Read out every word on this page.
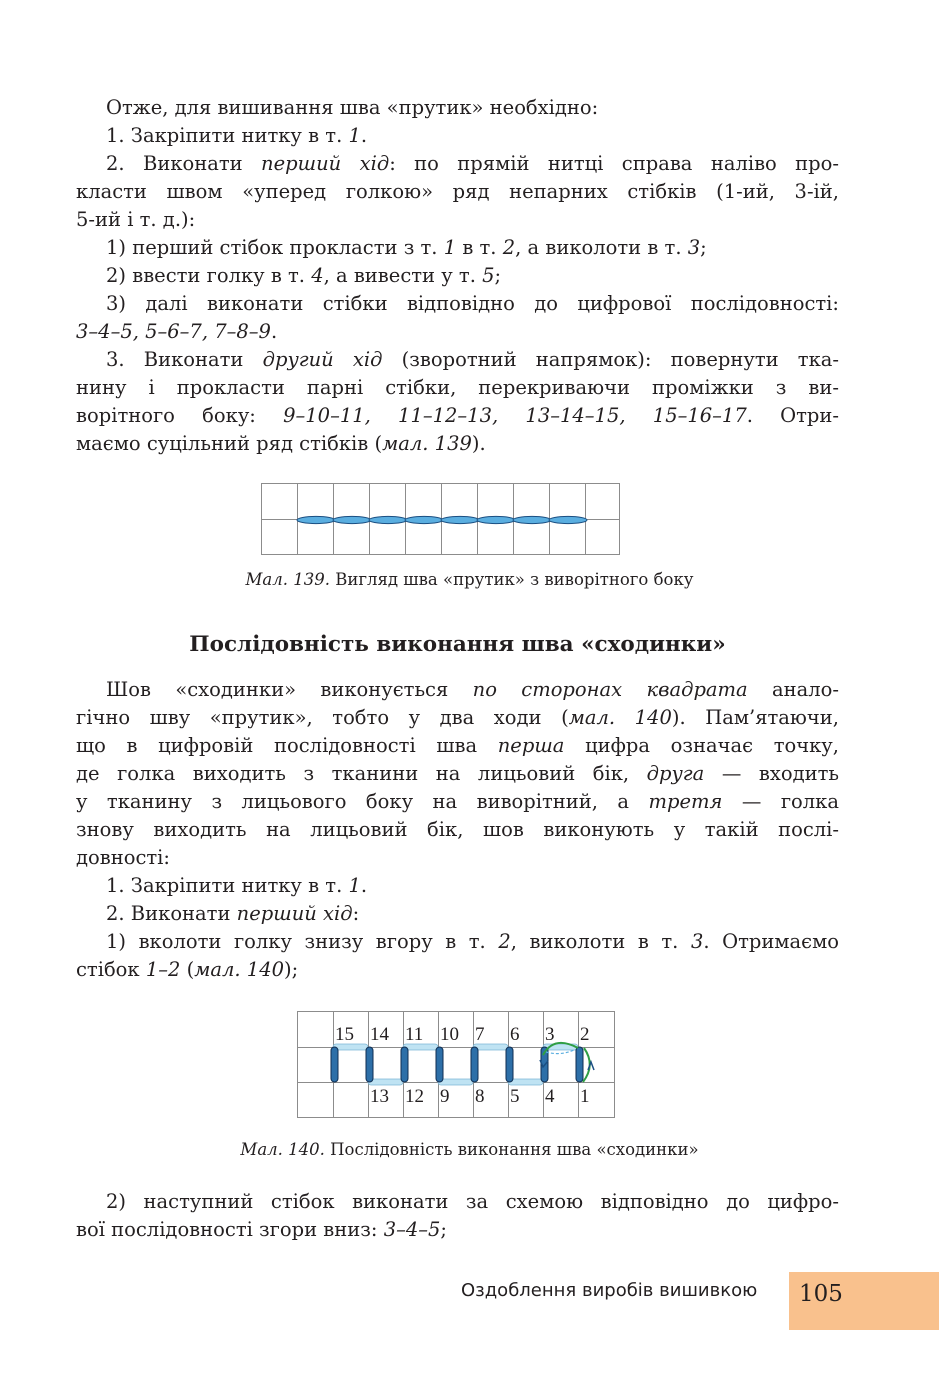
Отже, для вишивання шва «прутик» необхідно:

1. Закріпити нитку в т. 1.

2. Виконати перший хід: по прямій нитці справа наліво про-

класти швом «уперед голкою» ряд непарних стібків (1-ий, 3-ій,

5-ий і т. д.):

1) перший стібок прокласти з т. 1 в т. 2, а виколоти в т. 3;

2) ввести голку в т. 4, а вивести у т. 5;

3) далі виконати стібки відповідно до цифрової послідовності:

3–4–5, 5–6–7, 7–8–9.

3. Виконати другий хід (зворотний напрямок): повернути тка-

нину і прокласти парні стібки, перекриваючи проміжки з ви-

ворітного боку: 9–10–11, 11–12–13, 13–14–15, 15–16–17. Отри-

маємо суцільний ряд стібків (мал. 139).

Мал. 139. Вигляд шва «прутик» з виворітного боку

Послідовність виконання шва «сходинки»

Шов «сходинки» виконується по сторонах квадрата анало-

гічно шву «прутик», тобто у два ходи (мал. 140). Пам’ятаючи,

що в цифровій послідовності шва перша цифра означає точку,

де голка виходить з тканини на лицьовий бік, друга — входить

у тканину з лицьового боку на виворітний, а третя — голка

знову виходить на лицьовий бік, шов виконують у такій послі-

довності:

1. Закріпити нитку в т. 1.

2. Виконати перший хід:

1) вколоти голку знизу вгору в т. 2, виколоти в т. 3. Отримаємо

стібок 1–2 (мал. 140);

15 14 11 10 7 6 3 2
13 12 9 8 5 4 1

Мал. 140. Послідовність виконання шва «сходинки»

2) наступний стібок виконати за схемою відповідно до цифро-

вої послідовності згори вниз: 3–4–5;

Оздоблення виробів вишивкою 105
